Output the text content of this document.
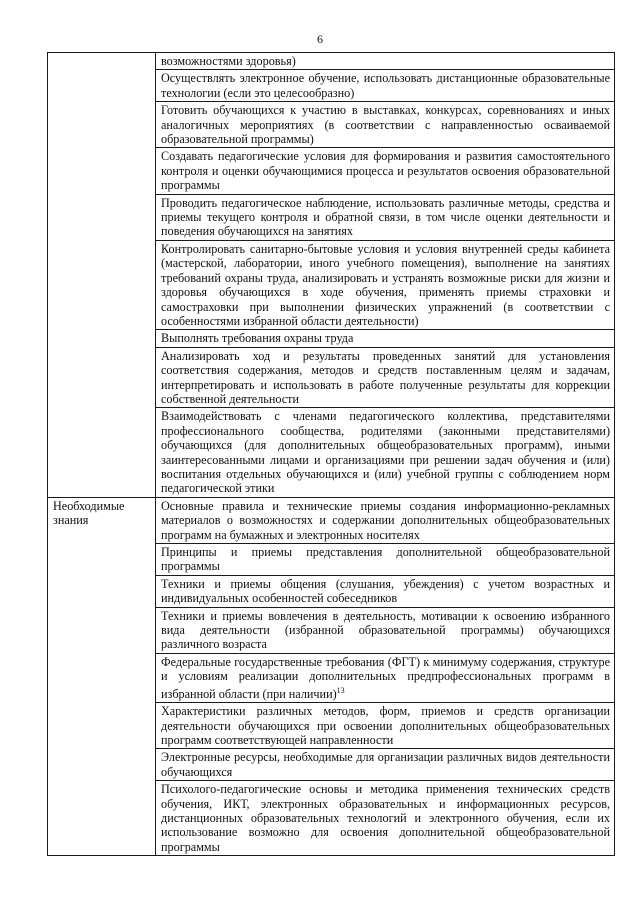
6
	возможностями здоровья)
	Осуществлять электронное обучение, использовать дистанционные образовательные технологии (если это целесообразно)
	Готовить обучающихся к участию в выставках, конкурсах, соревнованиях и иных аналогичных мероприятиях (в соответствии с направленностью осваиваемой образовательной программы)
	Создавать педагогические условия для формирования и развития самостоятельного контроля и оценки обучающимися процесса и результатов освоения образовательной программы
	Проводить педагогическое наблюдение, использовать различные методы, средства и приемы текущего контроля и обратной связи, в том числе оценки деятельности и поведения обучающихся на занятиях
	Контролировать санитарно-бытовые условия и условия внутренней среды кабинета (мастерской, лаборатории, иного учебного помещения), выполнение на занятиях требований охраны труда, анализировать и устранять возможные риски для жизни и здоровья обучающихся в ходе обучения, применять приемы страховки и самостраховки при выполнении физических упражнений (в соответствии с особенностями избранной области деятельности)
	Выполнять требования охраны труда
	Анализировать ход и результаты проведенных занятий для установления соответствия содержания, методов и средств поставленным целям и задачам, интерпретировать и использовать в работе полученные результаты для коррекции собственной деятельности
	Взаимодействовать с членами педагогического коллектива, представителями профессионального сообщества, родителями (законными представителями) обучающихся (для дополнительных общеобразовательных программ), иными заинтересованными лицами и организациями при решении задач обучения и (или) воспитания отдельных обучающихся и (или) учебной группы с соблюдением норм педагогической этики
Необходимые знания	Основные правила и технические приемы создания информационно-рекламных материалов о возможностях и содержании дополнительных общеобразовательных программ на бумажных и электронных носителях
	Принципы и приемы представления дополнительной общеобразовательной программы
	Техники и приемы общения (слушания, убеждения) с учетом возрастных и индивидуальных особенностей собеседников
	Техники и приемы вовлечения в деятельность, мотивации к освоению избранного вида деятельности (избранной образовательной программы) обучающихся различного возраста
	Федеральные государственные требования (ФГТ) к минимуму содержания, структуре и условиям реализации дополнительных предпрофессиональных программ в избранной области (при наличии)$^{13}$
	Характеристики различных методов, форм, приемов и средств организации деятельности обучающихся при освоении дополнительных общеобразовательных программ соответствующей направленности
	Электронные ресурсы, необходимые для организации различных видов деятельности обучающихся
	Психолого-педагогические основы и методика применения технических средств обучения, ИКТ, электронных образовательных и информационных ресурсов, дистанционных образовательных технологий и электронного обучения, если их использование возможно для освоения дополнительной общеобразовательной программы
